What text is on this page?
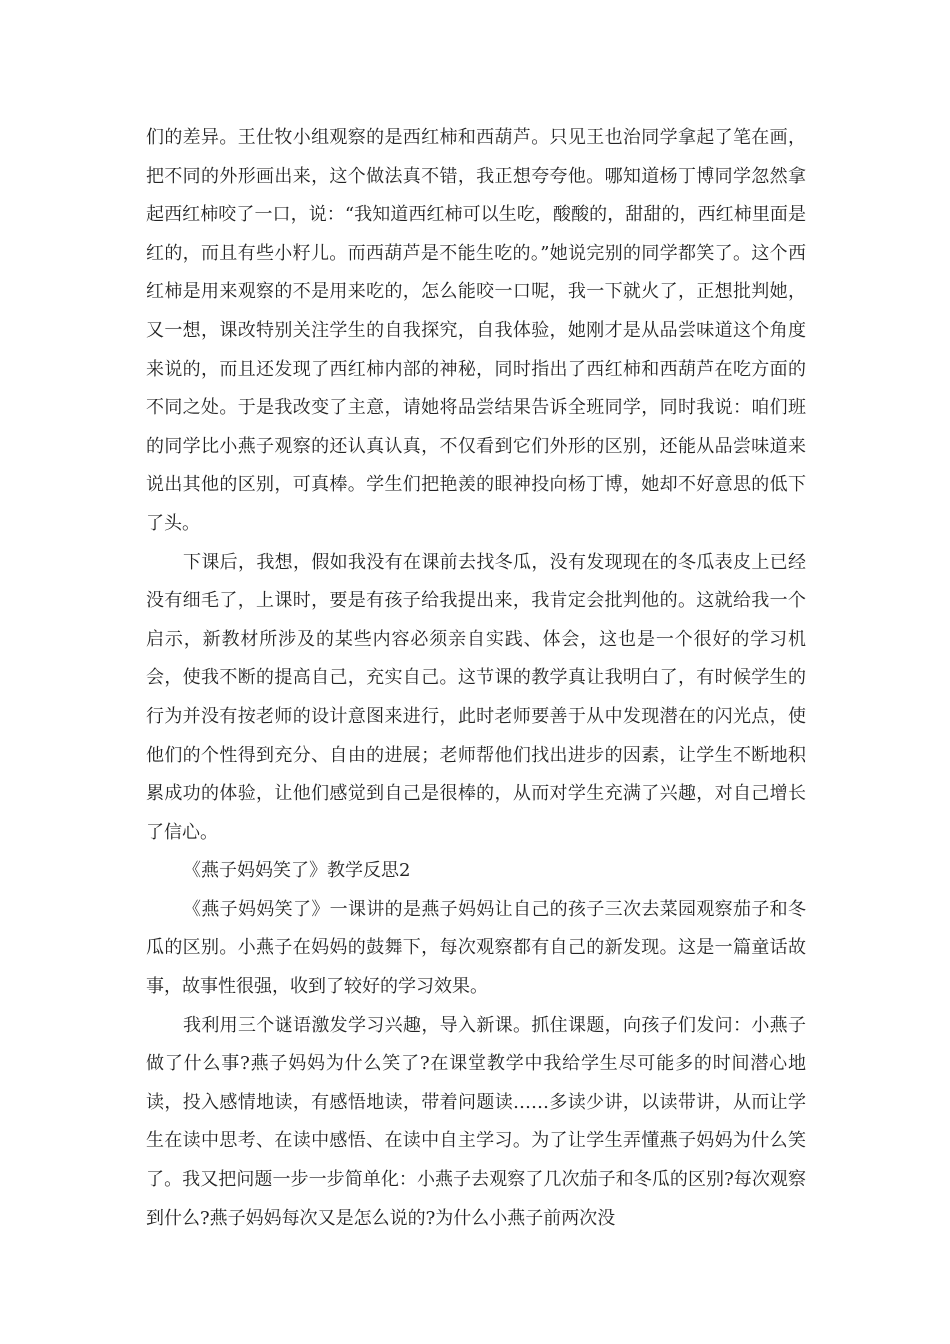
们的差异。王仕牧小组观察的是西红柿和西葫芦。只见王也治同学拿起了笔在画，把不同的外形画出来，这个做法真不错，我正想夸夸他。哪知道杨丁博同学忽然拿起西红柿咬了一口，说：“我知道西红柿可以生吃，酸酸的，甜甜的，西红柿里面是红的，而且有些小籽儿。而西葫芦是不能生吃的。”她说完别的同学都笑了。这个西红柿是用来观察的不是用来吃的，怎么能咬一口呢，我一下就火了，正想批判她，又一想，课改特别关注学生的自我探究，自我体验，她刚才是从品尝味道这个角度来说的，而且还发现了西红柿内部的神秘，同时指出了西红柿和西葫芦在吃方面的不同之处。于是我改变了主意，请她将品尝结果告诉全班同学，同时我说：咱们班的同学比小燕子观察的还认真认真，不仅看到它们外形的区别，还能从品尝味道来说出其他的区别，可真棒。学生们把艳羡的眼神投向杨丁博，她却不好意思的低下了头。

下课后，我想，假如我没有在课前去找冬瓜，没有发现现在的冬瓜表皮上已经没有细毛了，上课时，要是有孩子给我提出来，我肯定会批判他的。这就给我一个启示，新教材所涉及的某些内容必须亲自实践、体会，这也是一个很好的学习机会，使我不断的提高自己，充实自己。这节课的教学真让我明白了，有时候学生的行为并没有按老师的设计意图来进行，此时老师要善于从中发现潜在的闪光点，使他们的个性得到充分、自由的进展；老师帮他们找出进步的因素，让学生不断地积累成功的体验，让他们感觉到自己是很棒的，从而对学生充满了兴趣，对自己增长了信心。

《燕子妈妈笑了》教学反思2

《燕子妈妈笑了》一课讲的是燕子妈妈让自己的孩子三次去菜园观察茄子和冬瓜的区别。小燕子在妈妈的鼓舞下，每次观察都有自己的新发现。这是一篇童话故事，故事性很强，收到了较好的学习效果。

我利用三个谜语激发学习兴趣，导入新课。抓住课题，向孩子们发问：小燕子做了什么事?燕子妈妈为什么笑了?在课堂教学中我给学生尽可能多的时间潜心地读，投入感情地读，有感悟地读，带着问题读……多读少讲，以读带讲，从而让学生在读中思考、在读中感悟、在读中自主学习。为了让学生弄懂燕子妈妈为什么笑了。我又把问题一步一步简单化：小燕子去观察了几次茄子和冬瓜的区别?每次观察到什么?燕子妈妈每次又是怎么说的?为什么小燕子前两次没
